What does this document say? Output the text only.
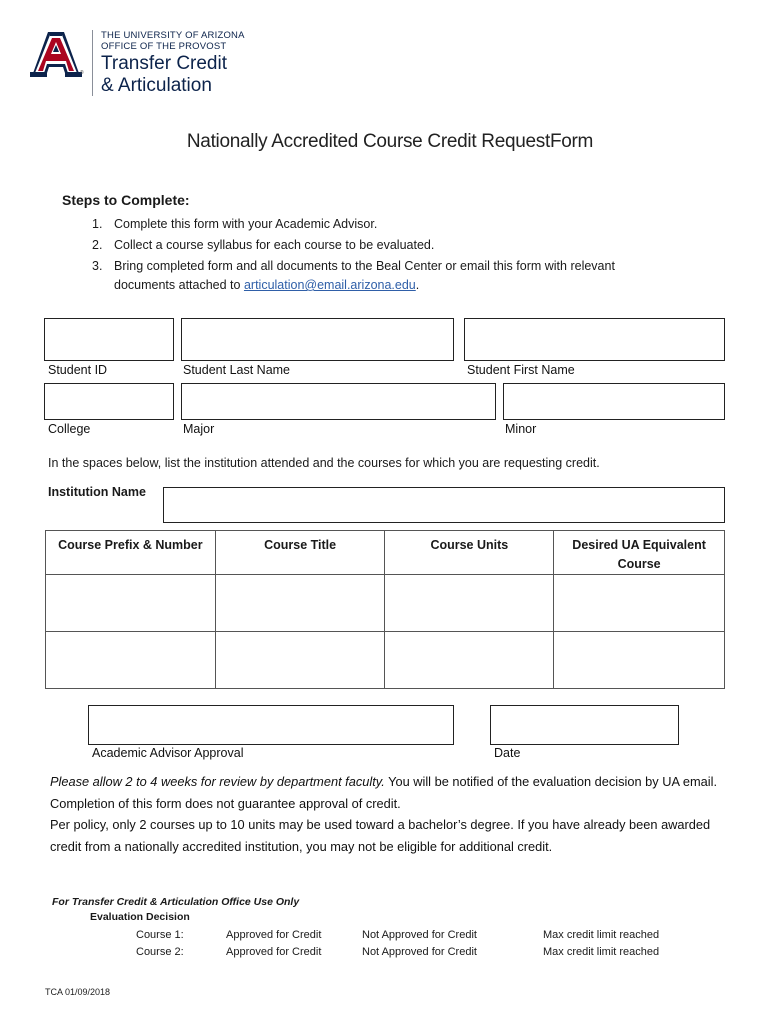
®
THE UNIVERSITY OF ARIZONA
OFFICE OF THE PROVOST
Transfer Credit
& Articulation
Nationally Accredited Course Credit RequestForm
Steps to Complete:
1. Complete this form with your Academic Advisor.
2. Collect a course syllabus for each course to be evaluated.
3. Bring completed form and all documents to the Beal Center or email this form with relevant
documents attached to articulation@email.arizona.edu.
Student ID	Student Last Name	Student First Name
College	Major	Minor
In the spaces below, list the institution attended and the courses for which you are requesting credit.
Institution Name
Course Prefix & Number	Course Title	Course Units	Desired UA Equivalent Course

Academic Advisor Approval	Date
Please allow 2 to 4 weeks for review by department faculty. You will be notified of the evaluation decision by UA email. Completion of this form does not guarantee approval of credit.
Per policy, only 2 courses up to 10 units may be used toward a bachelor’s degree. If you have already been awarded credit from a nationally accredited institution, you may not be eligible for additional credit.
For Transfer Credit & Articulation Office Use Only
Evaluation Decision
Course 1:	Approved for Credit	Not Approved for Credit	Max credit limit reached
Course 2:	Approved for Credit	Not Approved for Credit	Max credit limit reached
TCA 01/09/2018
